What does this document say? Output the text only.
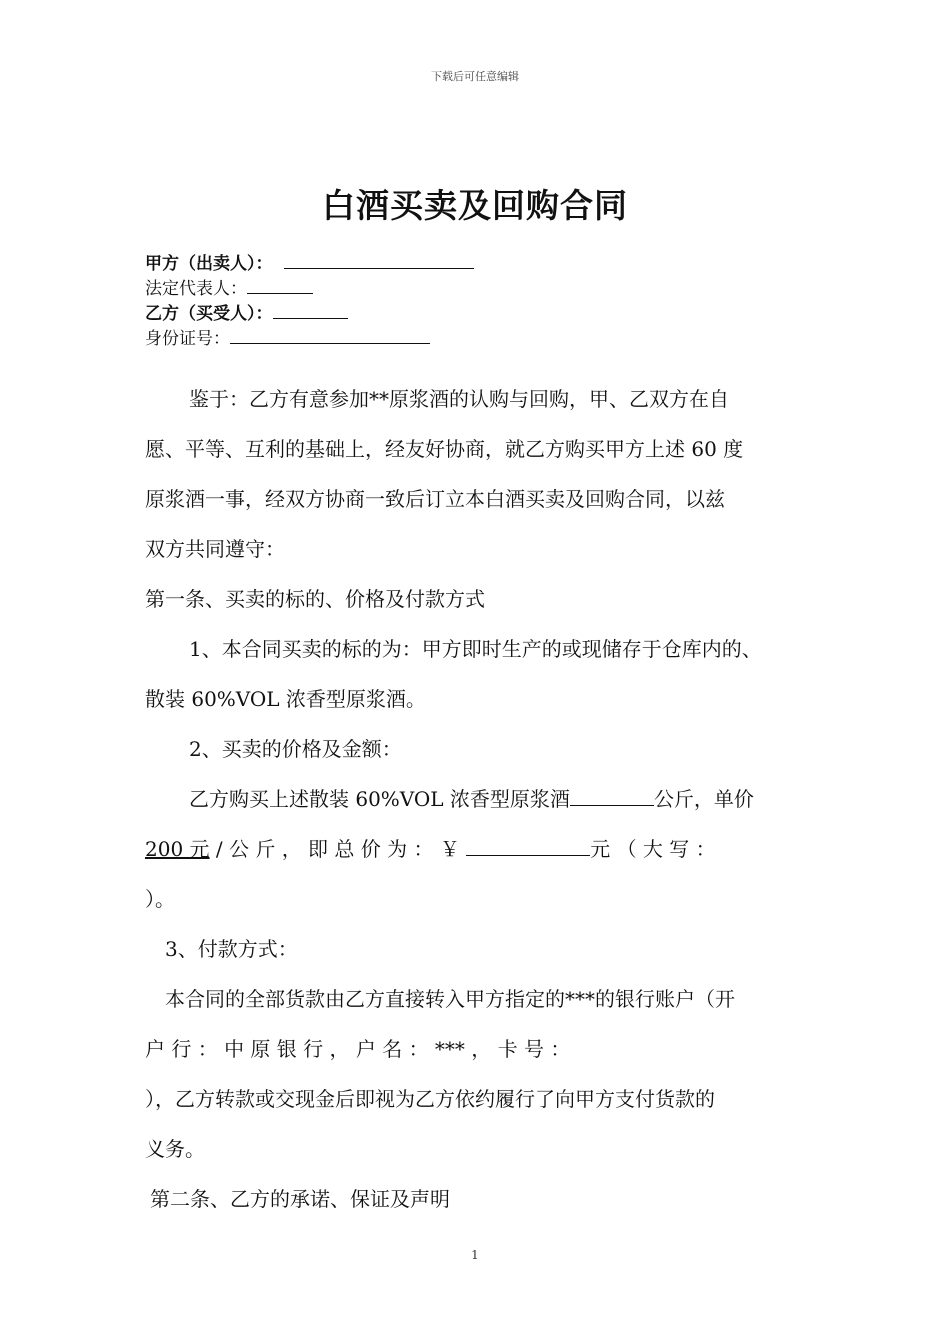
下载后可任意编辑
白酒买卖及回购合同
甲方（出卖人）：
法定代表人：
乙方（买受人）：
身份证号：
鉴于：乙方有意参加**原浆酒的认购与回购，甲、乙双方在自
愿、平等、互利的基础上，经友好协商，就乙方购买甲方上述 60 度
原浆酒一事，经双方协商一致后订立本白酒买卖及回购合同，以兹
双方共同遵守：
第一条、买卖的标的、价格及付款方式
1、本合同买卖的标的为：甲方即时生产的或现储存于仓库内的、
散装 60%VOL 浓香型原浆酒。
2、买卖的价格及金额：
乙方购买上述散装 60%VOL 浓香型原浆酒	公斤，单价
200 元 / 公 斤 ， 即 总 价 为 ： ￥	元 （ 大 写 ：
）。
3、付款方式：
本合同的全部货款由乙方直接转入甲方指定的***的银行账户（开
户 行 ： 中 原 银 行 ， 户 名 ： *** ， 卡 号 ：
），乙方转款或交现金后即视为乙方依约履行了向甲方支付货款的
义务。
第二条、乙方的承诺、保证及声明
1
